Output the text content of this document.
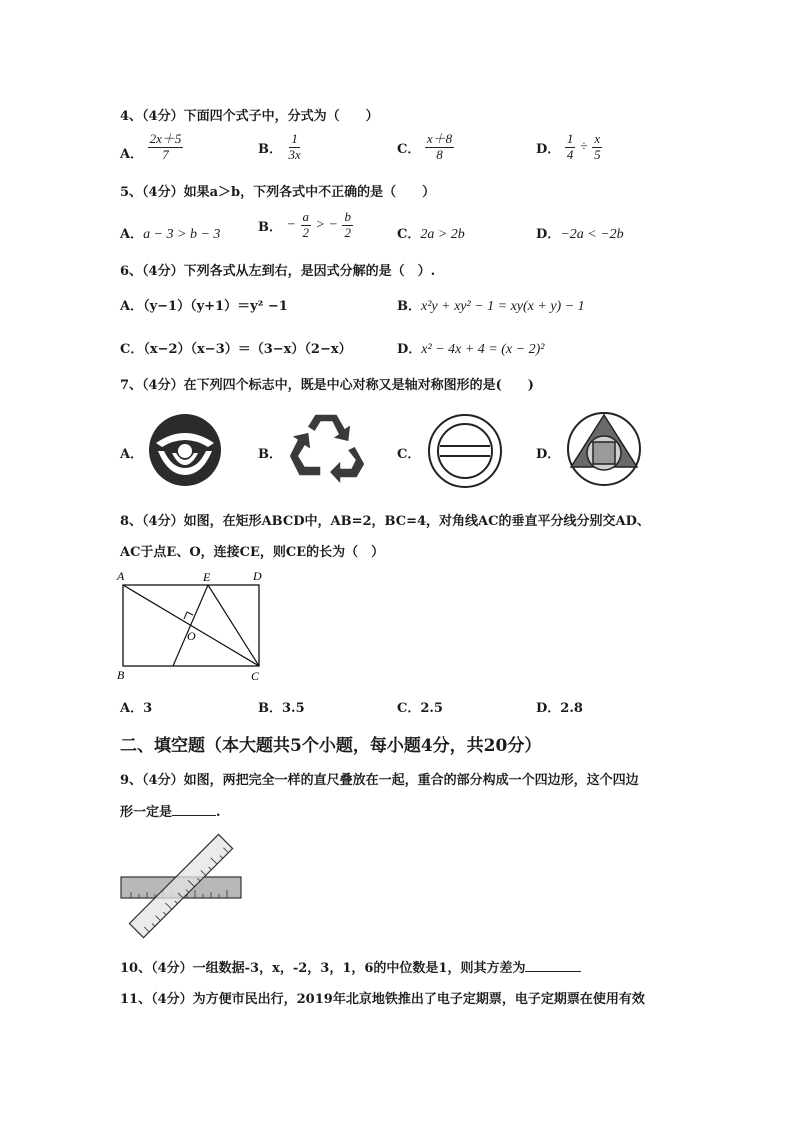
4、（4分）下面四个式子中，分式为（　　）
A． $\frac{2x+5}{7}$	B． $\frac{1}{3x}$	C． $\frac{x+8}{8}$	D． $\frac{1}{4} \div \frac{x}{5}$
5、（4分）如果a＞b，下列各式中不正确的是（　　）
A．a − 3 > b − 3	B． − $\frac{a}{2}$ > − $\frac{b}{2}$	C．2a > 2b	D．−2a < −2b
6、（4分）下列各式从左到右，是因式分解的是（　）.
A．（y−1）（y+1）＝y² −1	B．x²y + xy² − 1 = xy(x + y) − 1
C．（x−2）（x−3）＝（3−x）（2−x）	D．x² − 4x + 4 = (x − 2)²
7、（4分）在下列四个标志中，既是中心对称又是轴对称图形的是(　　)
A．	B．	C．	D．
8、（4分）如图，在矩形ABCD中，AB=2，BC=4，对角线AC的垂直平分线分别交AD、
AC于点E、O，连接CE，则CE的长为（　）
A	E	D
O
B	C
A．3	B．3.5	C．2.5	D．2.8
二、填空题（本大题共5个小题，每小题4分，共20分）
9、（4分）如图，两把完全一样的直尺叠放在一起，重合的部分构成一个四边形，这个四边
形一定是	.
10、（4分）一组数据-3，x，-2，3，1，6的中位数是1，则其方差为
11、（4分）为方便市民出行，2019年北京地铁推出了电子定期票，电子定期票在使用有效
